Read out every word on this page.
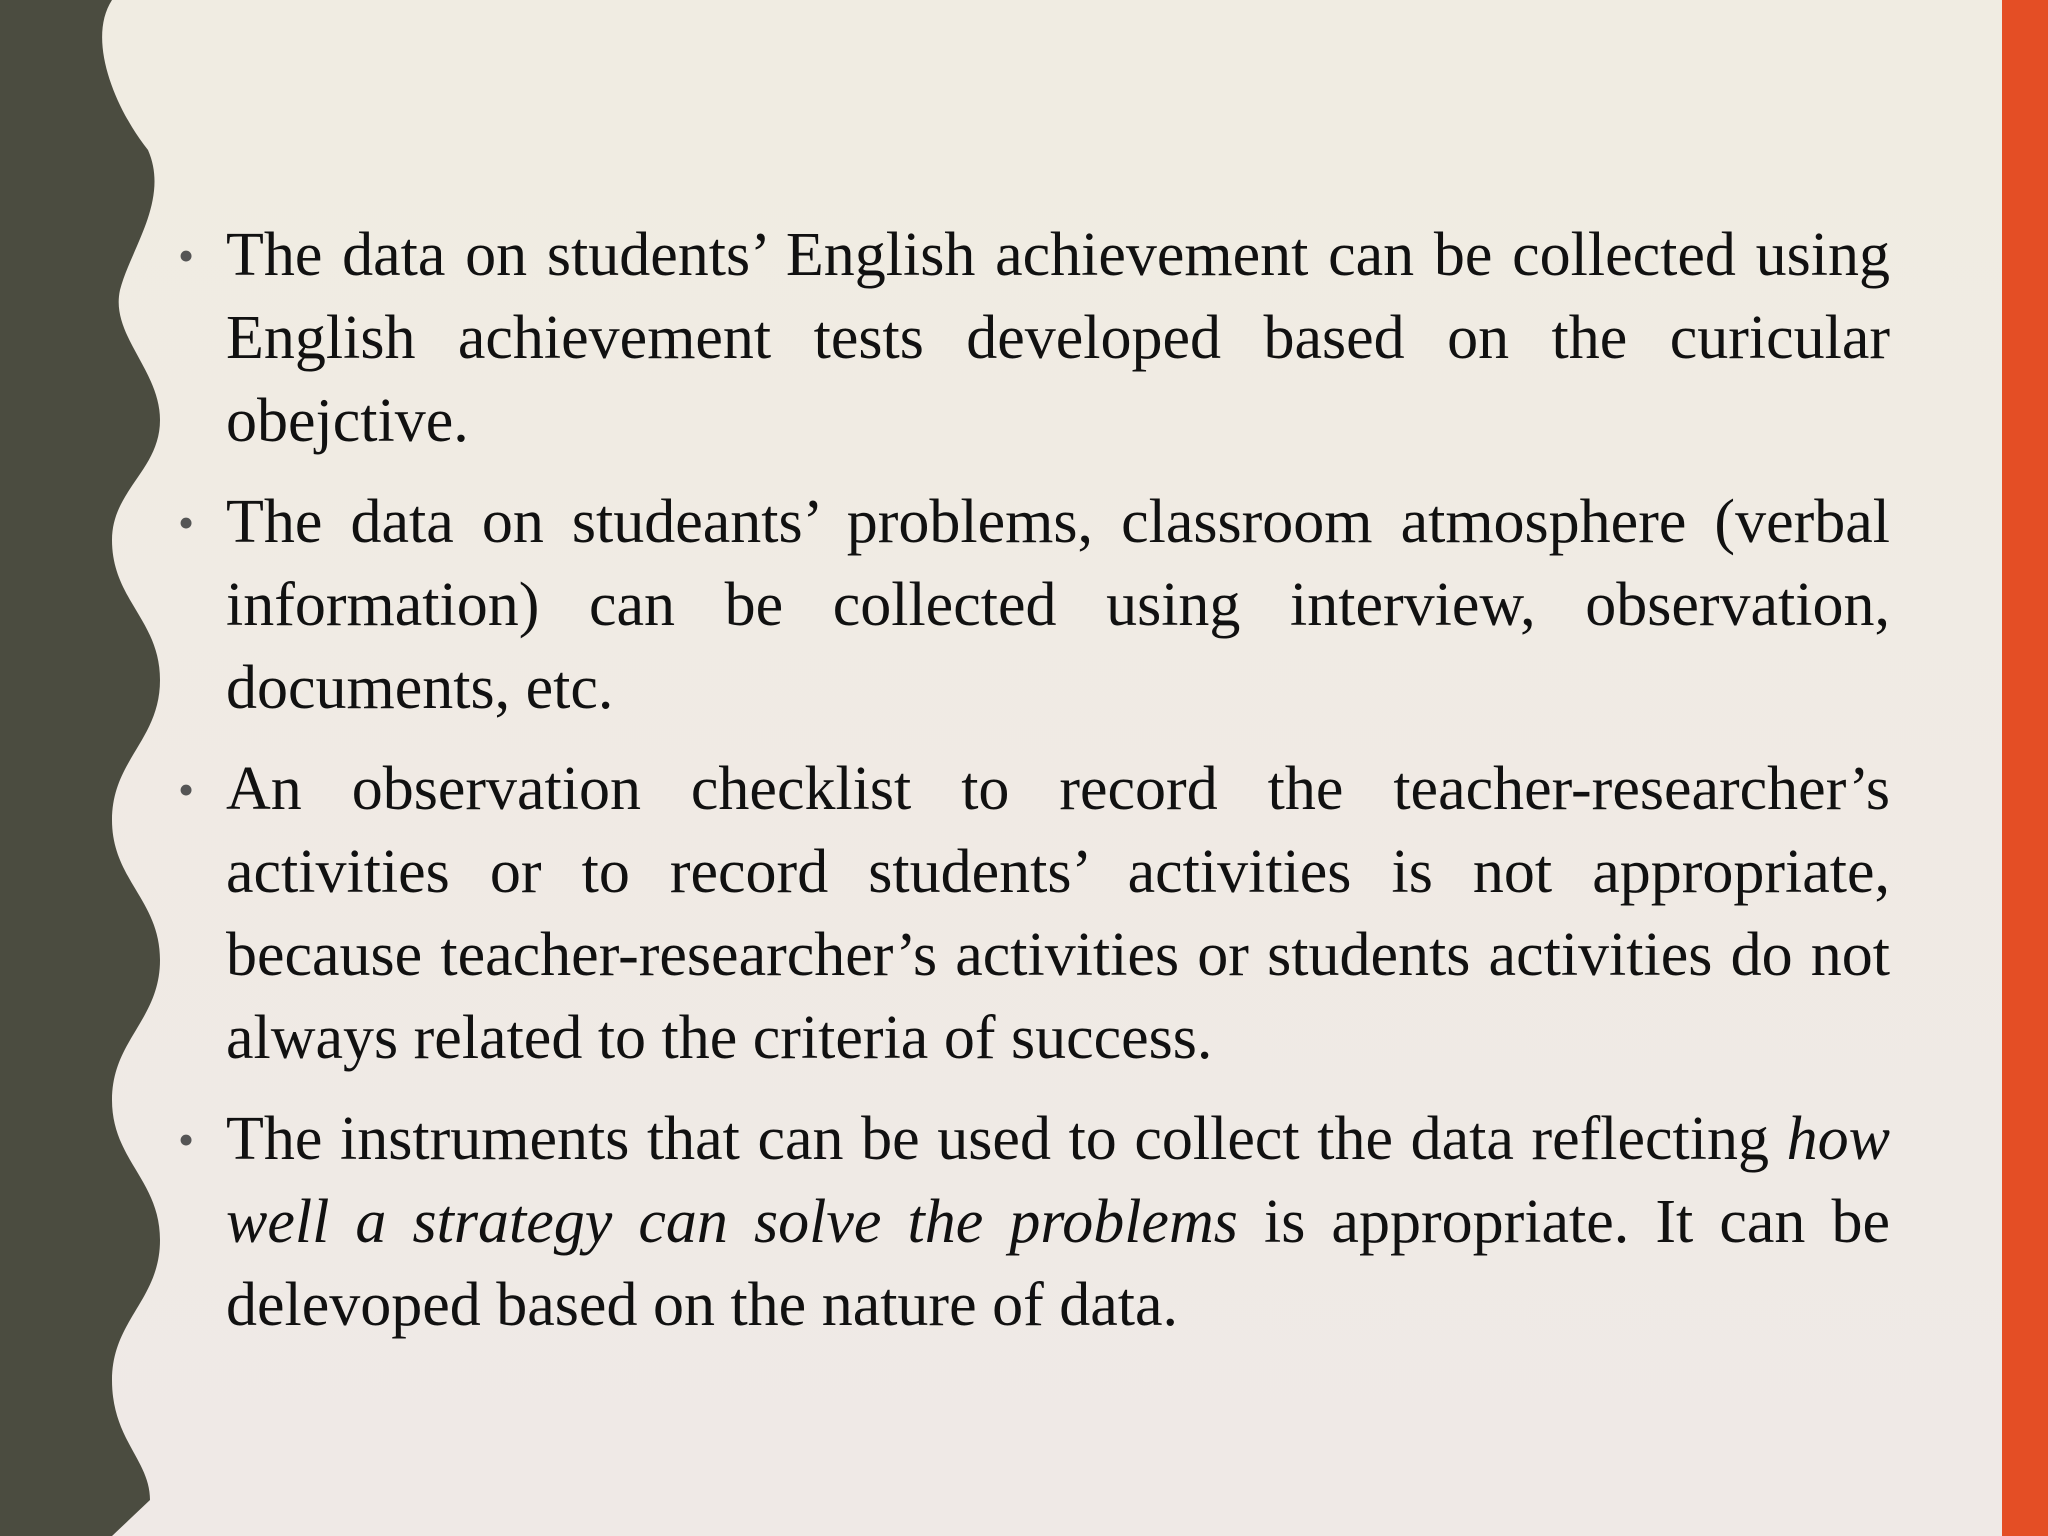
• The data on students’ English achievement can be collected using English achievement tests developed based on the curicular obejctive.
• The data on studeants’ problems, classroom atmosphere (verbal information) can be collected using interview, observation, documents, etc.
• An observation checklist to record the teacher-researcher’s activities or to record students’ activities is not appropriate, because teacher-researcher’s activities or students activities do not always related to the criteria of success.
• The instruments that can be used to collect the data reflecting how well a strategy can solve the problems is appropriate. It can be delevoped based on the nature of data.
